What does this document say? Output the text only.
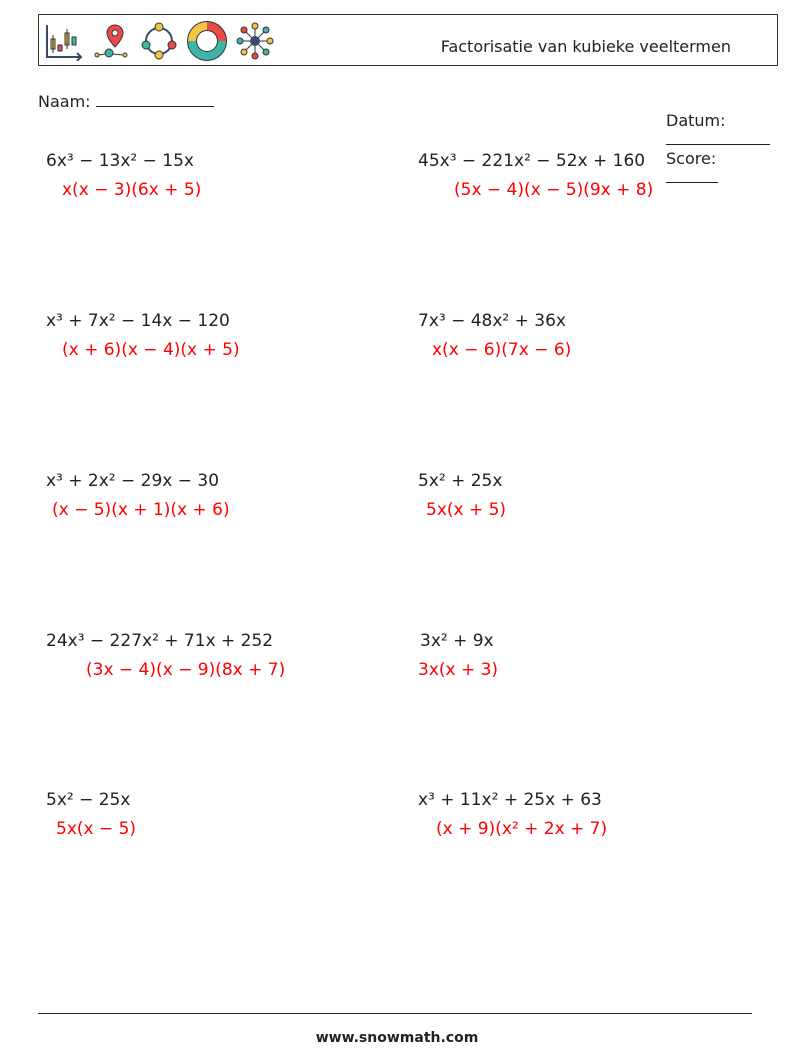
Factorisatie van kubieke veeltermen
Naam:

Datum:

Score:

6x³ − 13x² − 15x
x(x − 3)(6x + 5)
45x³ − 221x² − 52x + 160
(5x − 4)(x − 5)(9x + 8)
x³ + 7x² − 14x − 120
(x + 6)(x − 4)(x + 5)
7x³ − 48x² + 36x
x(x − 6)(7x − 6)
x³ + 2x² − 29x − 30
(x − 5)(x + 1)(x + 6)
5x² + 25x
5x(x + 5)
24x³ − 227x² + 71x + 252
(3x − 4)(x − 9)(8x + 7)
3x² + 9x
3x(x + 3)
5x² − 25x
5x(x − 5)
x³ + 11x² + 25x + 63
(x + 9)(x² + 2x + 7)
www.snowmath.com
